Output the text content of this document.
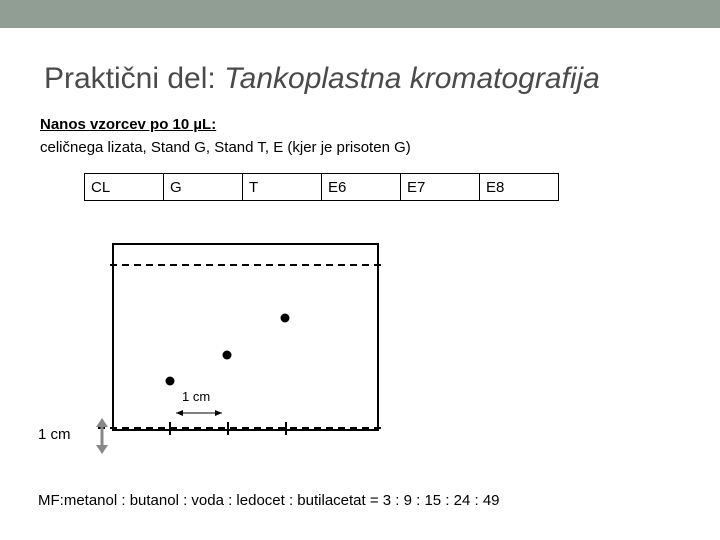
Praktični del: Tankoplastna kromatografija
Nanos vzorcev po 10 µL:
celičnega lizata, Stand G, Stand T, E (kjer je prisoten G)
CL	G	T	E6	E7	E8
1 cm
1 cm
MF:metanol : butanol : voda : ledocet : butilacetat = 3 : 9 : 15 : 24 : 49
